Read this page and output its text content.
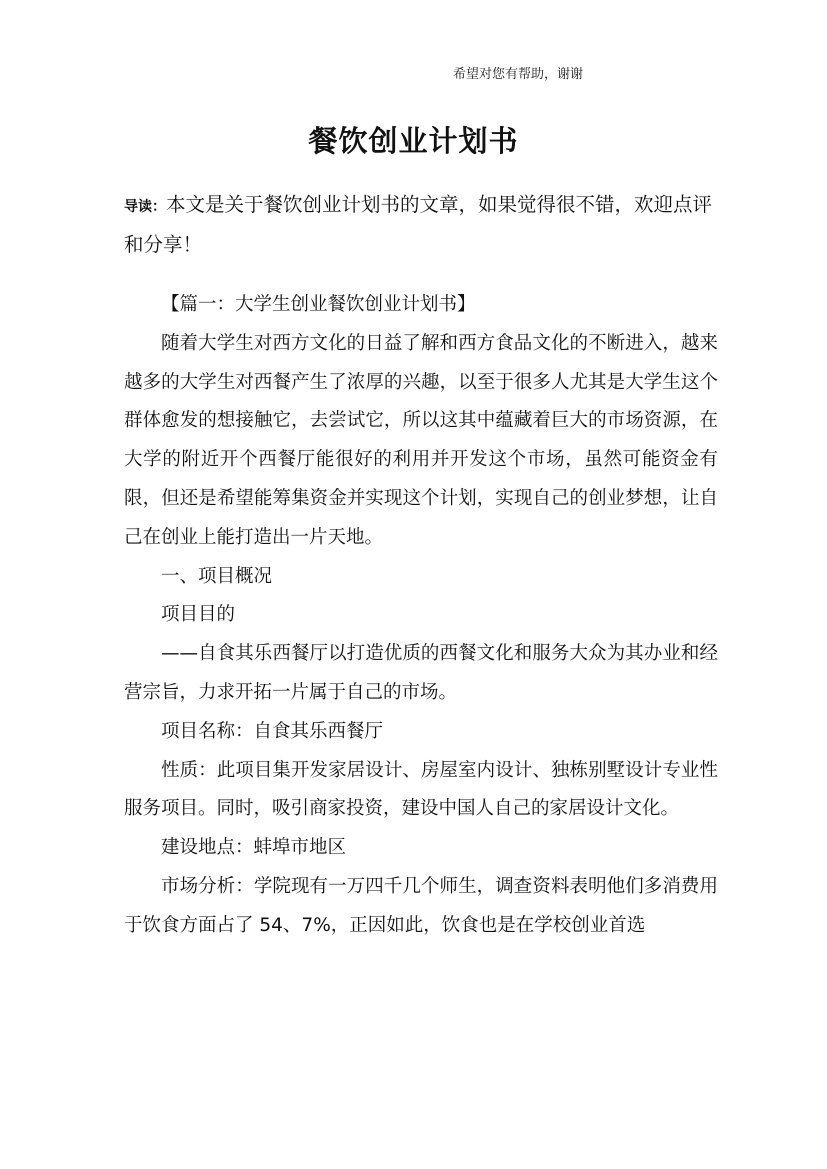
希望对您有帮助，谢谢
餐饮创业计划书
导读：本文是关于餐饮创业计划书的文章，如果觉得很不错，欢迎点评和分享！

【篇一：大学生创业餐饮创业计划书】

随着大学生对西方文化的日益了解和西方食品文化的不断进入，越来越多的大学生对西餐产生了浓厚的兴趣，以至于很多人尤其是大学生这个群体愈发的想接触它，去尝试它，所以这其中蕴藏着巨大的市场资源，在大学的附近开个西餐厅能很好的利用并开发这个市场，虽然可能资金有限，但还是希望能筹集资金并实现这个计划，实现自己的创业梦想，让自己在创业上能打造出一片天地。

一、项目概况

项目目的

——自食其乐西餐厅以打造优质的西餐文化和服务大众为其办业和经营宗旨，力求开拓一片属于自己的市场。

项目名称：自食其乐西餐厅

性质：此项目集开发家居设计、房屋室内设计、独栋别墅设计专业性服务项目。同时，吸引商家投资，建设中国人自己的家居设计文化。

建设地点：蚌埠市地区

市场分析：学院现有一万四千几个师生，调查资料表明他们多消费用于饮食方面占了 54、7%，正因如此，饮食也是在学校创业首选
